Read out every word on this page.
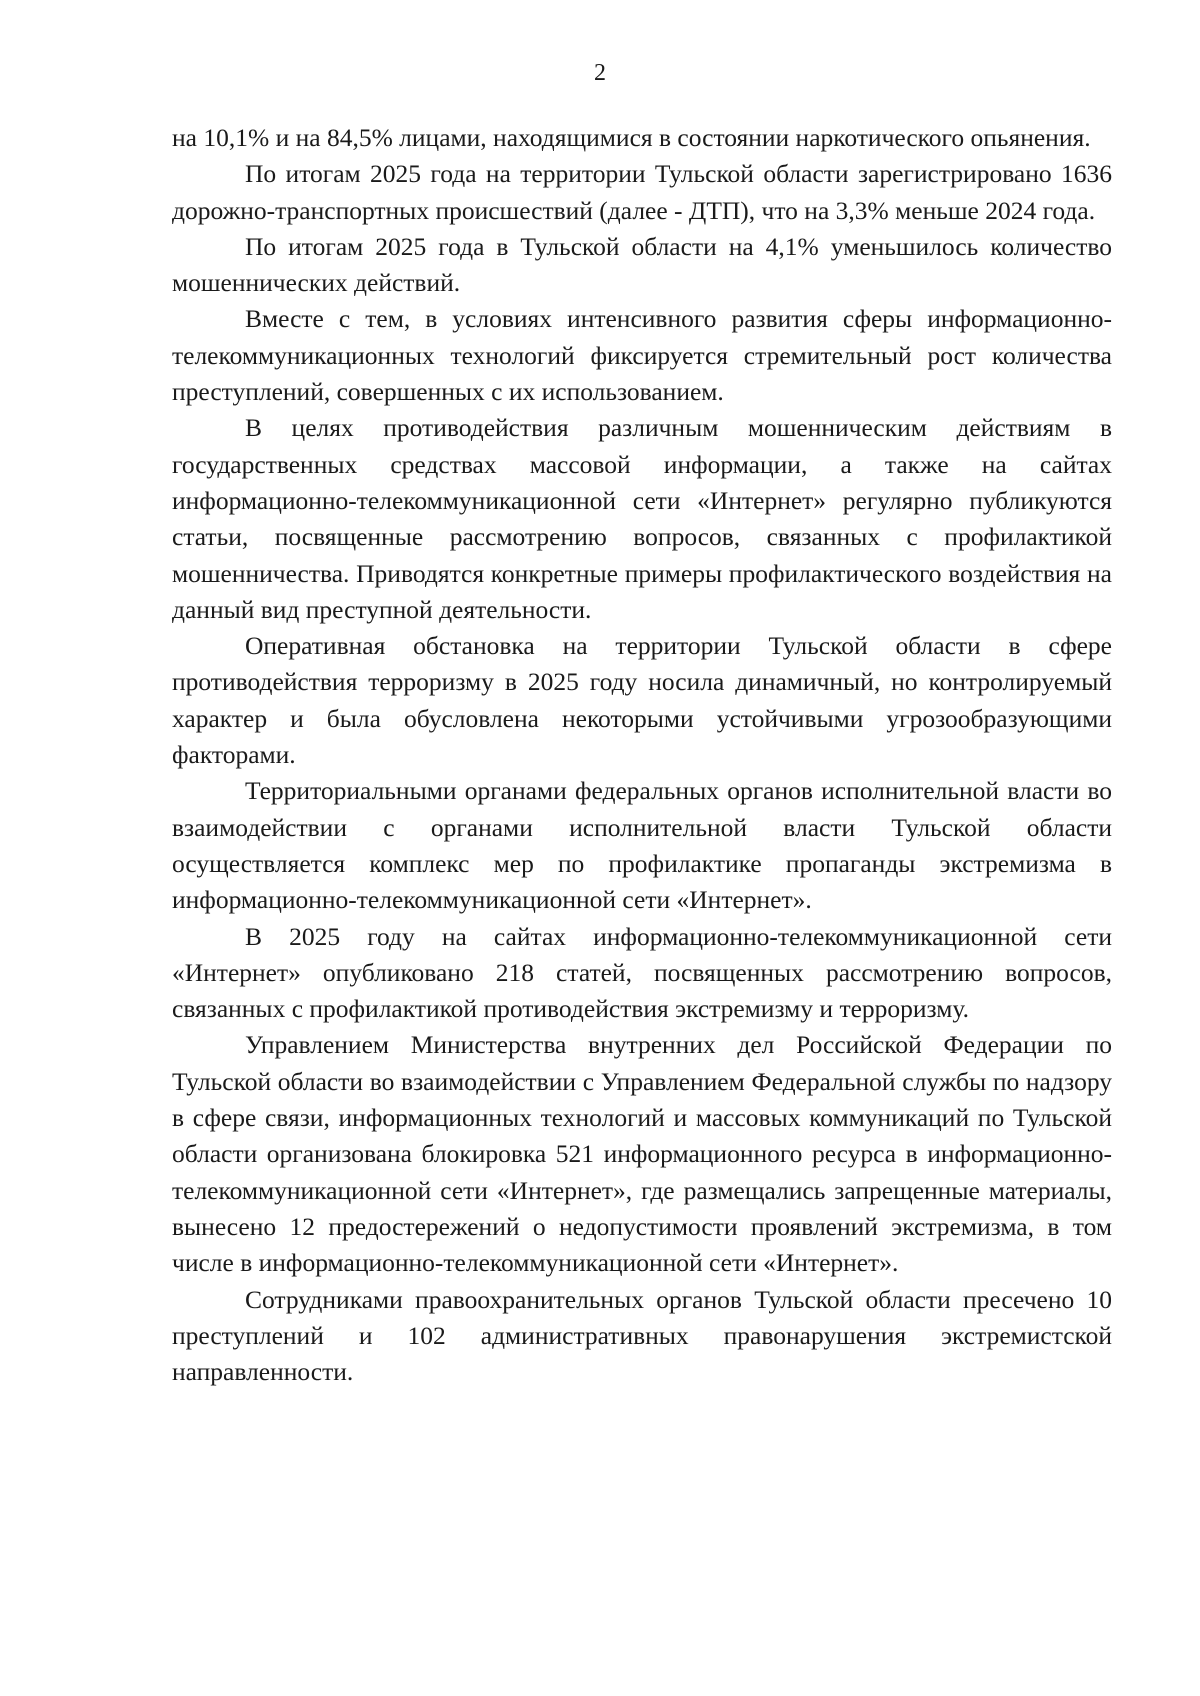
2

на 10,1% и на 84,5% лицами, находящимися в состоянии наркотического опьянения.

По итогам 2025 года на территории Тульской области зарегистрировано 1636 дорожно-транспортных происшествий (далее - ДТП), что на 3,3% меньше 2024 года.

По итогам 2025 года в Тульской области на 4,1% уменьшилось количество мошеннических действий.

Вместе с тем, в условиях интенсивного развития сферы информационно-телекоммуникационных технологий фиксируется стремительный рост количества преступлений, совершенных с их использованием.

В целях противодействия различным мошенническим действиям в государственных средствах массовой информации, а также на сайтах информационно-телекоммуникационной сети «Интернет» регулярно публикуются статьи, посвященные рассмотрению вопросов, связанных с профилактикой мошенничества. Приводятся конкретные примеры профилактического воздействия на данный вид преступной деятельности.

Оперативная обстановка на территории Тульской области в сфере противодействия терроризму в 2025 году носила динамичный, но контролируемый характер и была обусловлена некоторыми устойчивыми угрозообразующими факторами.

Территориальными органами федеральных органов исполнительной власти во взаимодействии с органами исполнительной власти Тульской области осуществляется комплекс мер по профилактике пропаганды экстремизма в информационно-телекоммуникационной сети «Интернет».

В 2025 году на сайтах информационно-телекоммуникационной сети «Интернет» опубликовано 218 статей, посвященных рассмотрению вопросов, связанных с профилактикой противодействия экстремизму и терроризму.

Управлением Министерства внутренних дел Российской Федерации по Тульской области во взаимодействии с Управлением Федеральной службы по надзору в сфере связи, информационных технологий и массовых коммуникаций по Тульской области организована блокировка 521 информационного ресурса в информационно-телекоммуникационной сети «Интернет», где размещались запрещенные материалы, вынесено 12 предостережений о недопустимости проявлений экстремизма, в том числе в информационно-телекоммуникационной сети «Интернет».

Сотрудниками правоохранительных органов Тульской области пресечено 10 преступлений и 102 административных правонарушения экстремистской направленности.
